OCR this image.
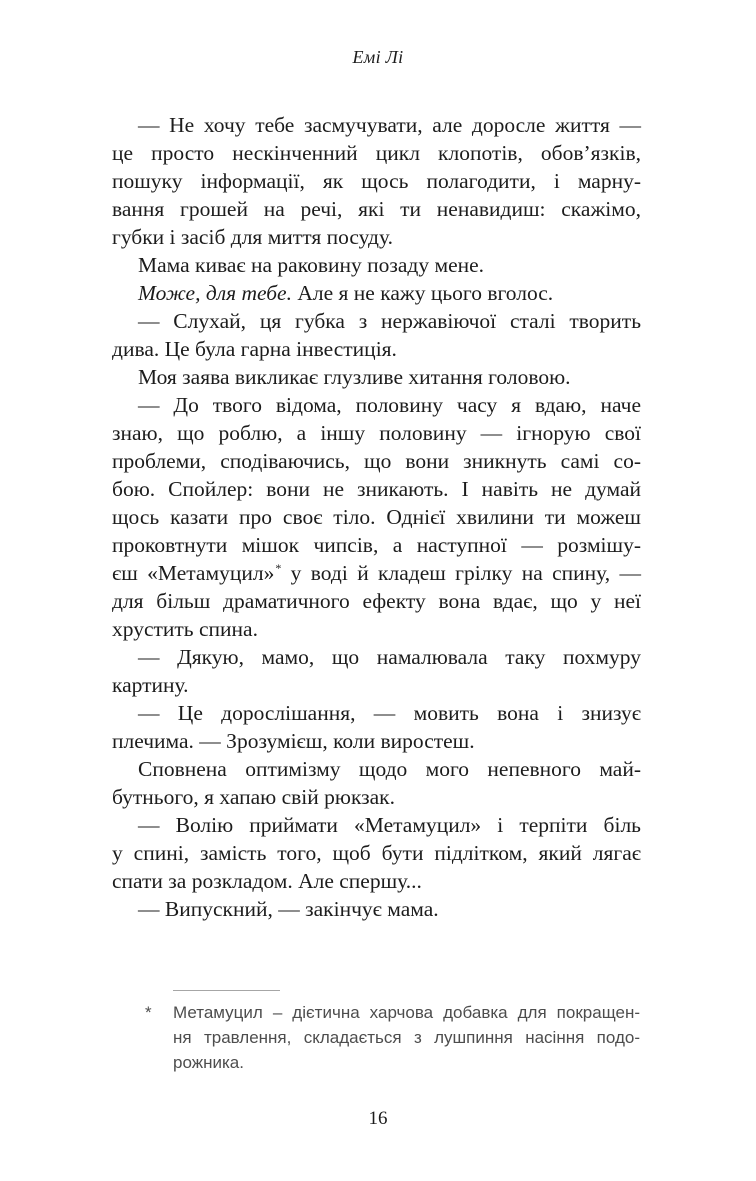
Емі Лі
— Не хочу тебе засмучувати, але доросле життя —
це просто нескінченний цикл клопотів, обов’язків,
пошуку інформації, як щось полагодити, і марну-
вання грошей на речі, які ти ненавидиш: скажімо,
губки і засіб для миття посуду.
Мама киває на раковину позаду мене.
Може, для тебе. Але я не кажу цього вголос.
— Слухай, ця губка з нержавіючої сталі творить
дива. Це була гарна інвестиція.
Моя заява викликає глузливе хитання головою.
— До твого відома, половину часу я вдаю, наче
знаю, що роблю, а іншу половину — ігнорую свої
проблеми, сподіваючись, що вони зникнуть самі со-
бою. Спойлер: вони не зникають. І навіть не думай
щось казати про своє тіло. Однієї хвилини ти можеш
проковтнути мішок чипсів, а наступної — розмішу-
єш «Метамуцил»* у воді й кладеш грілку на спину, —
для більш драматичного ефекту вона вдає, що у неї
хрустить спина.
— Дякую, мамо, що намалювала таку похмуру
картину.
— Це дорослішання, — мовить вона і знизує
плечима. — Зрозумієш, коли виростеш.
Сповнена оптимізму щодо мого непевного май-
бутнього, я хапаю свій рюкзак.
— Волію приймати «Метамуцил» і терпіти біль
у спині, замість того, щоб бути підлітком, який лягає
спати за розкладом. Але спершу...
— Випускний, — закінчує мама.
*	Метамуцил – дієтична харчова добавка для покращен-
ня травлення, складається з лушпиння насіння подо-
рожника.
16
